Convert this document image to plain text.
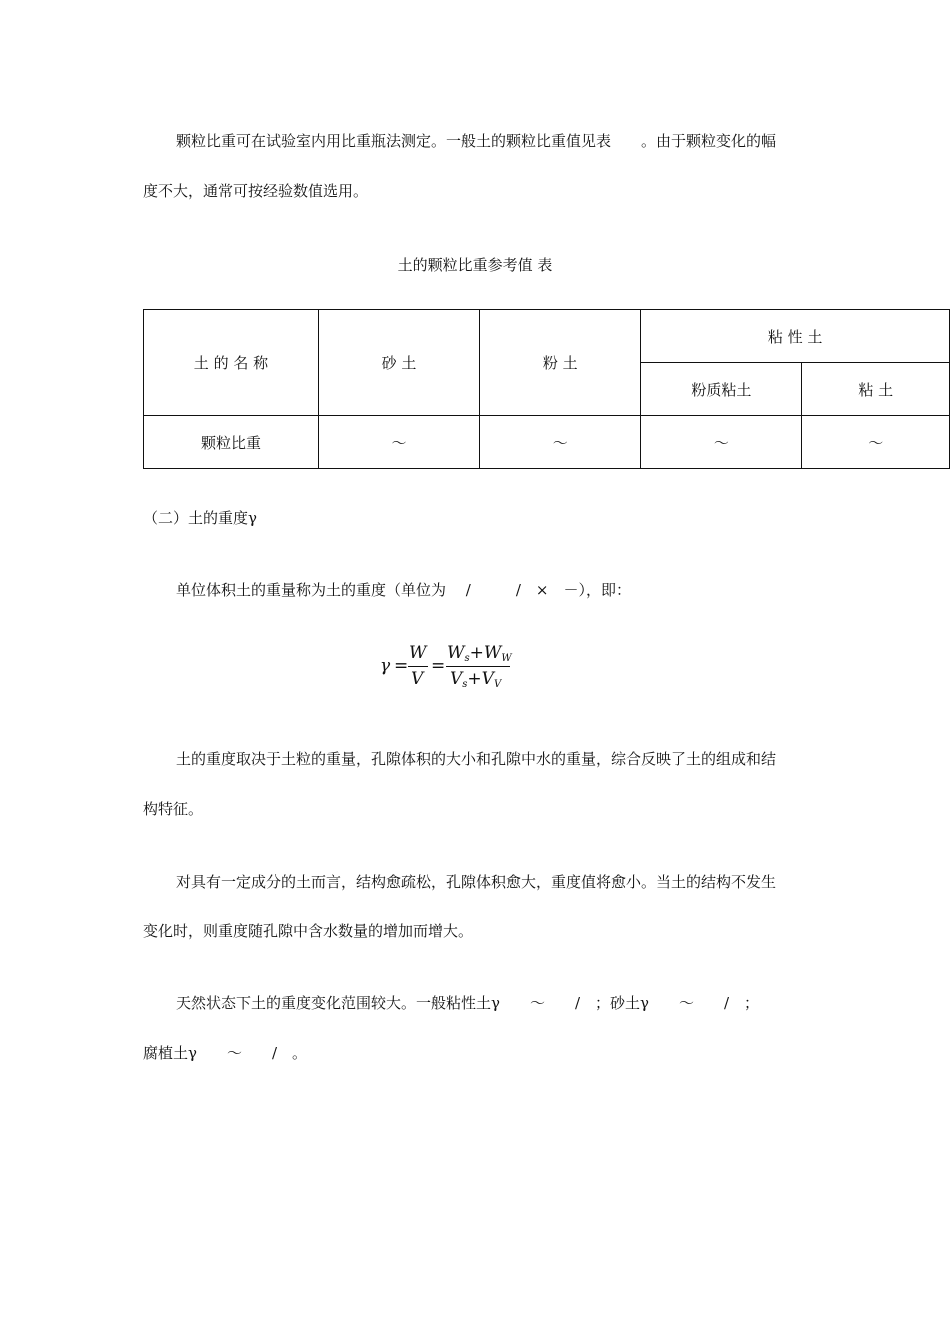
颗粒比重可在试验室内用比重瓶法测定。一般土的颗粒比重值见表　　。由于颗粒变化的幅
度不大，通常可按经验数值选用。
土的颗粒比重参考值 表
土 的 名 称	砂 土	粉 土	粘 性 土	
			粉质粘土	粘 土
颗粒比重	～	～	～	～
（二）土的重度γ
单位体积土的重量称为土的重度（单位为　 /　　　/　×　－），即：
γ =
W
V
=
$W_s+W_W$
$V_s+V_V$
土的重度取决于土粒的重量，孔隙体积的大小和孔隙中水的重量，综合反映了土的组成和结
构特征。
对具有一定成分的土而言，结构愈疏松，孔隙体积愈大，重度值将愈小。当土的结构不发生
变化时，则重度随孔隙中含水数量的增加而增大。
天然状态下土的重度变化范围较大。一般粘性土γ　　～　　/　；砂土γ　　～　　/　；
腐植土γ　　～　　/　。
